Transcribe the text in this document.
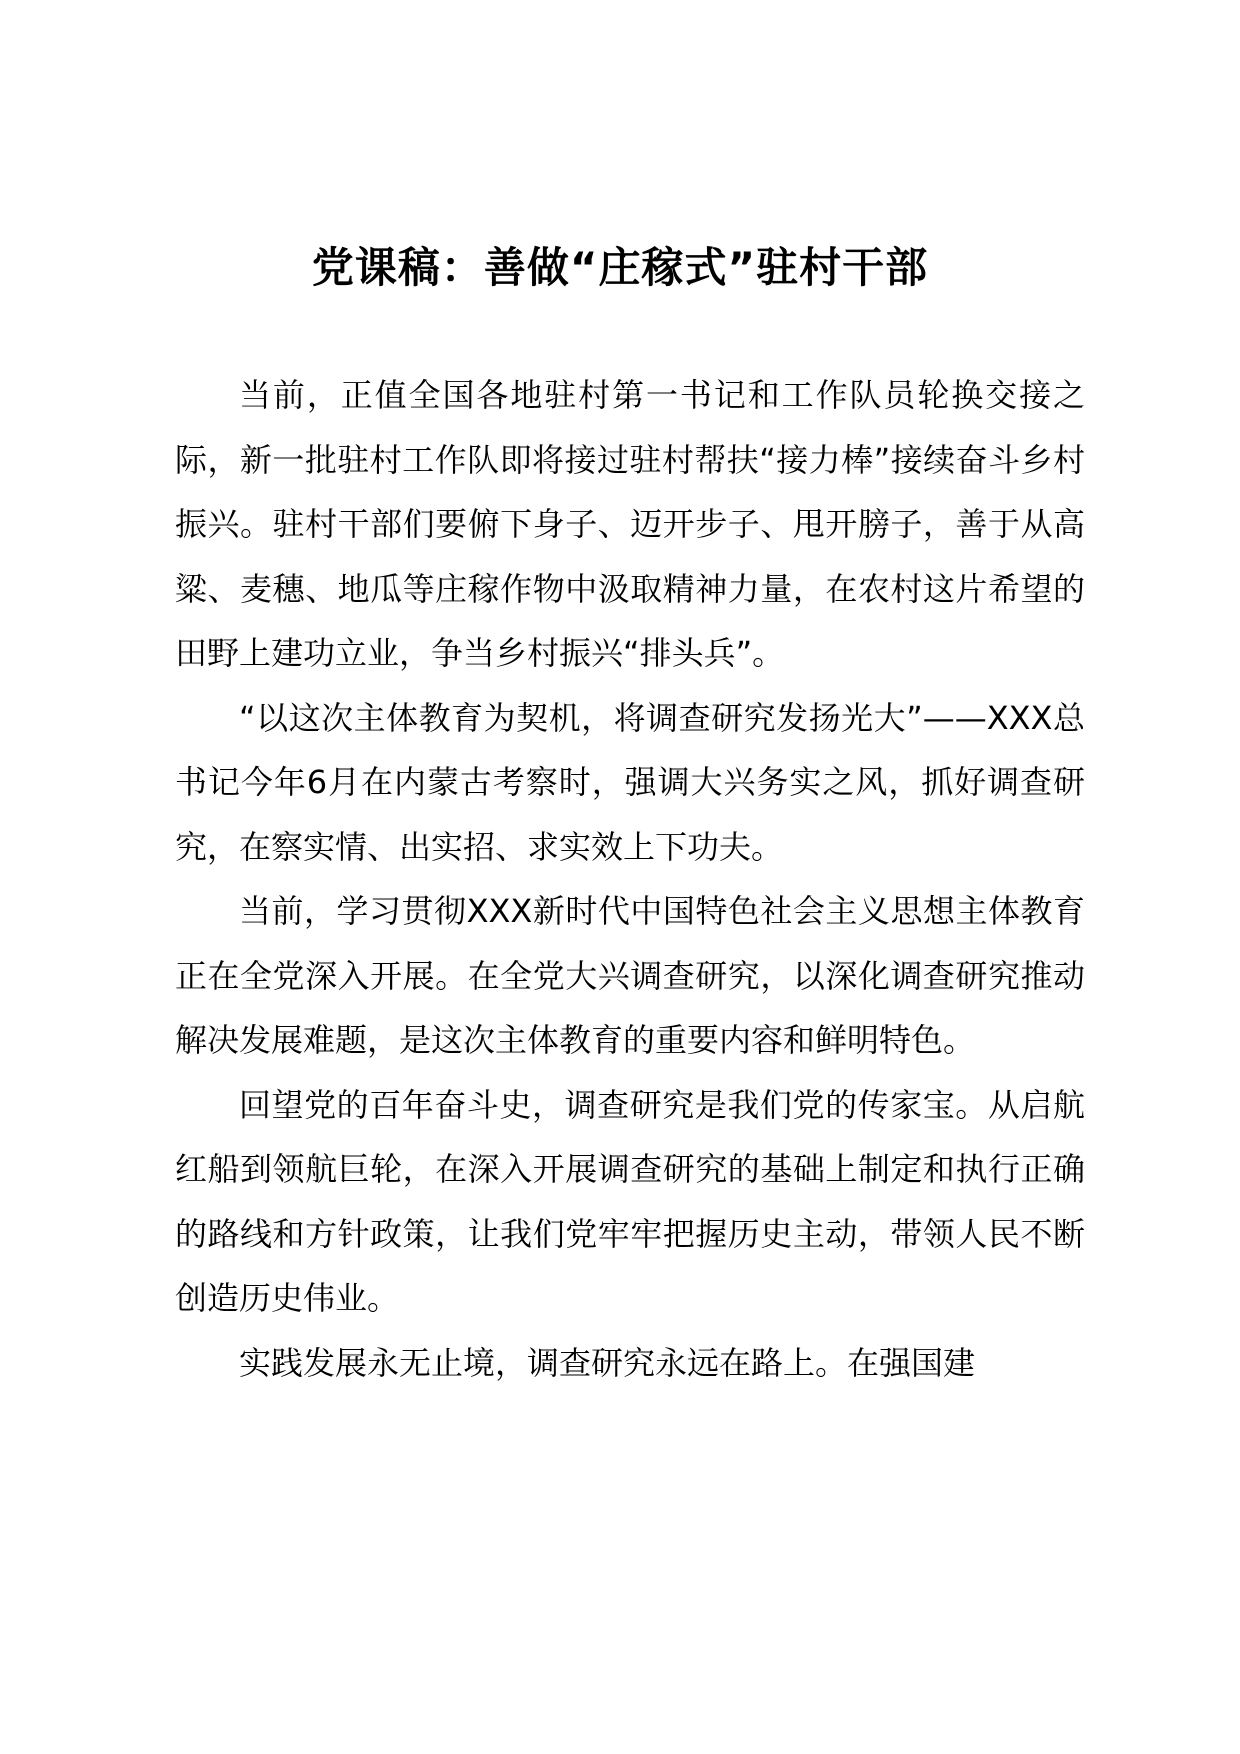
党课稿：善做“庄稼式”驻村干部

当前，正值全国各地驻村第一书记和工作队员轮换交接之际，新一批驻村工作队即将接过驻村帮扶“接力棒”接续奋斗乡村振兴。驻村干部们要俯下身子、迈开步子、甩开膀子，善于从高粱、麦穗、地瓜等庄稼作物中汲取精神力量，在农村这片希望的田野上建功立业，争当乡村振兴“排头兵”。

“以这次主体教育为契机，将调查研究发扬光大”——XXX总书记今年6月在内蒙古考察时，强调大兴务实之风，抓好调查研究，在察实情、出实招、求实效上下功夫。

当前，学习贯彻XXX新时代中国特色社会主义思想主体教育正在全党深入开展。在全党大兴调查研究，以深化调查研究推动解决发展难题，是这次主体教育的重要内容和鲜明特色。

回望党的百年奋斗史，调查研究是我们党的传家宝。从启航红船到领航巨轮，在深入开展调查研究的基础上制定和执行正确的路线和方针政策，让我们党牢牢把握历史主动，带领人民不断创造历史伟业。

实践发展永无止境，调查研究永远在路上。在强国建
